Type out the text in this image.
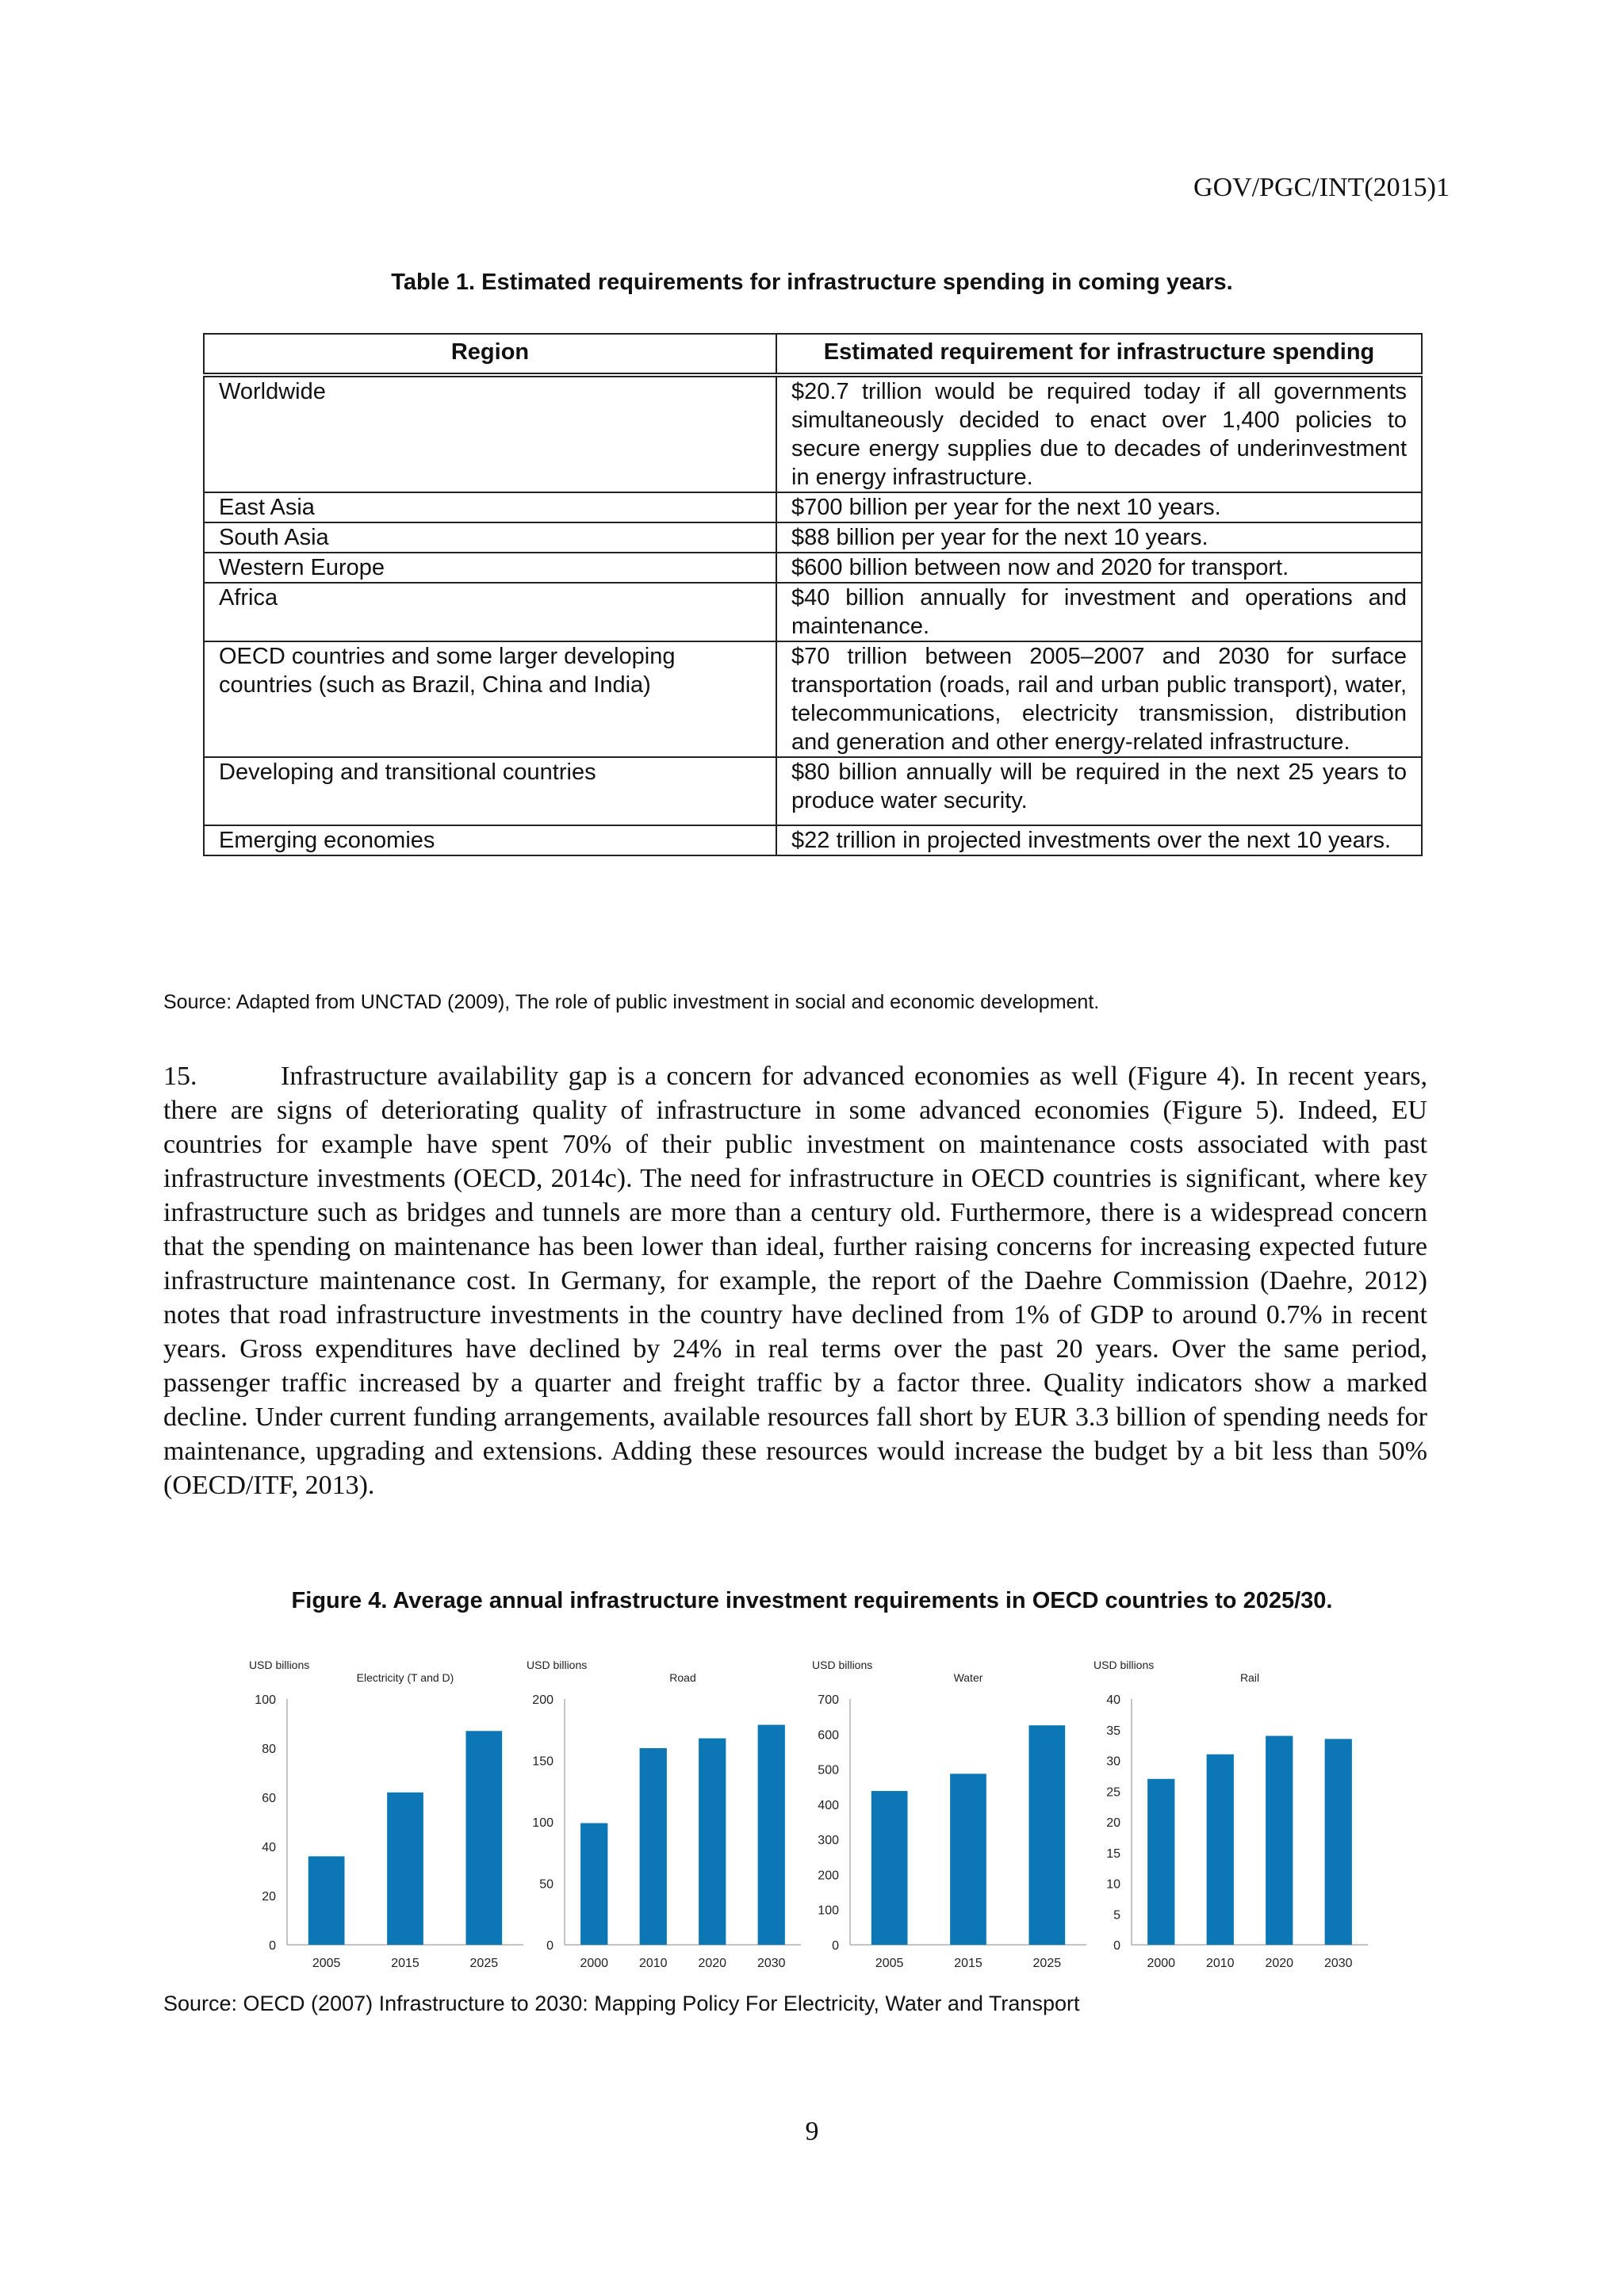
GOV/PGC/INT(2015)1
Table 1. Estimated requirements for infrastructure spending in coming years.
Region	Estimated requirement for infrastructure spending
Worldwide	$20.7 trillion would be required today if all governments simultaneously decided to enact over 1,400 policies to secure energy supplies due to decades of underinvestment in energy infrastructure.
East Asia	$700 billion per year for the next 10 years.
South Asia	$88 billion per year for the next 10 years.
Western Europe	$600 billion between now and 2020 for transport.
Africa	$40 billion annually for investment and operations and maintenance.
OECD countries and some larger developing countries (such as Brazil, China and India)	$70 trillion between 2005–2007 and 2030 for surface transportation (roads, rail and urban public transport), water, telecommunications, electricity transmission, distribution and generation and other energy-related infrastructure.
Developing and transitional countries	$80 billion annually will be required in the next 25 years to produce water security.
Emerging economies	$22 trillion in projected investments over the next 10 years.
Source: Adapted from UNCTAD (2009), The role of public investment in social and economic development.

15.	Infrastructure availability gap is a concern for advanced economies as well (Figure 4). In recent years, there are signs of deteriorating quality of infrastructure in some advanced economies (Figure 5). Indeed, EU countries for example have spent 70% of their public investment on maintenance costs associated with past infrastructure investments (OECD, 2014c). The need for infrastructure in OECD countries is significant, where key infrastructure such as bridges and tunnels are more than a century old. Furthermore, there is a widespread concern that the spending on maintenance has been lower than ideal, further raising concerns for increasing expected future infrastructure maintenance cost. In Germany, for example, the report of the Daehre Commission (Daehre, 2012) notes that road infrastructure investments in the country have declined from 1% of GDP to around 0.7% in recent years. Gross expenditures have declined by 24% in real terms over the past 20 years. Over the same period, passenger traffic increased by a quarter and freight traffic by a factor three. Quality indicators show a marked decline. Under current funding arrangements, available resources fall short by EUR 3.3 billion of spending needs for maintenance, upgrading and extensions. Adding these resources would increase the budget by a bit less than 50% (OECD/ITF, 2013).

Figure 4. Average annual infrastructure investment requirements in OECD countries to 2025/30.
USD billions
Electricity (T and D)
0
20
40
60
80
100
2005	2015	2025
USD billions
Road
0
50
100
150
200
2000 2010 2020 2030
USD billions
Water
0
100
200
300
400
500
600
700
2005	2015	2025
USD billions
Rail
0
5
10
15
20
25
30
35
40
2000 2010 2020 2030
Source: OECD (2007) Infrastructure to 2030: Mapping Policy For Electricity, Water and Transport
9
